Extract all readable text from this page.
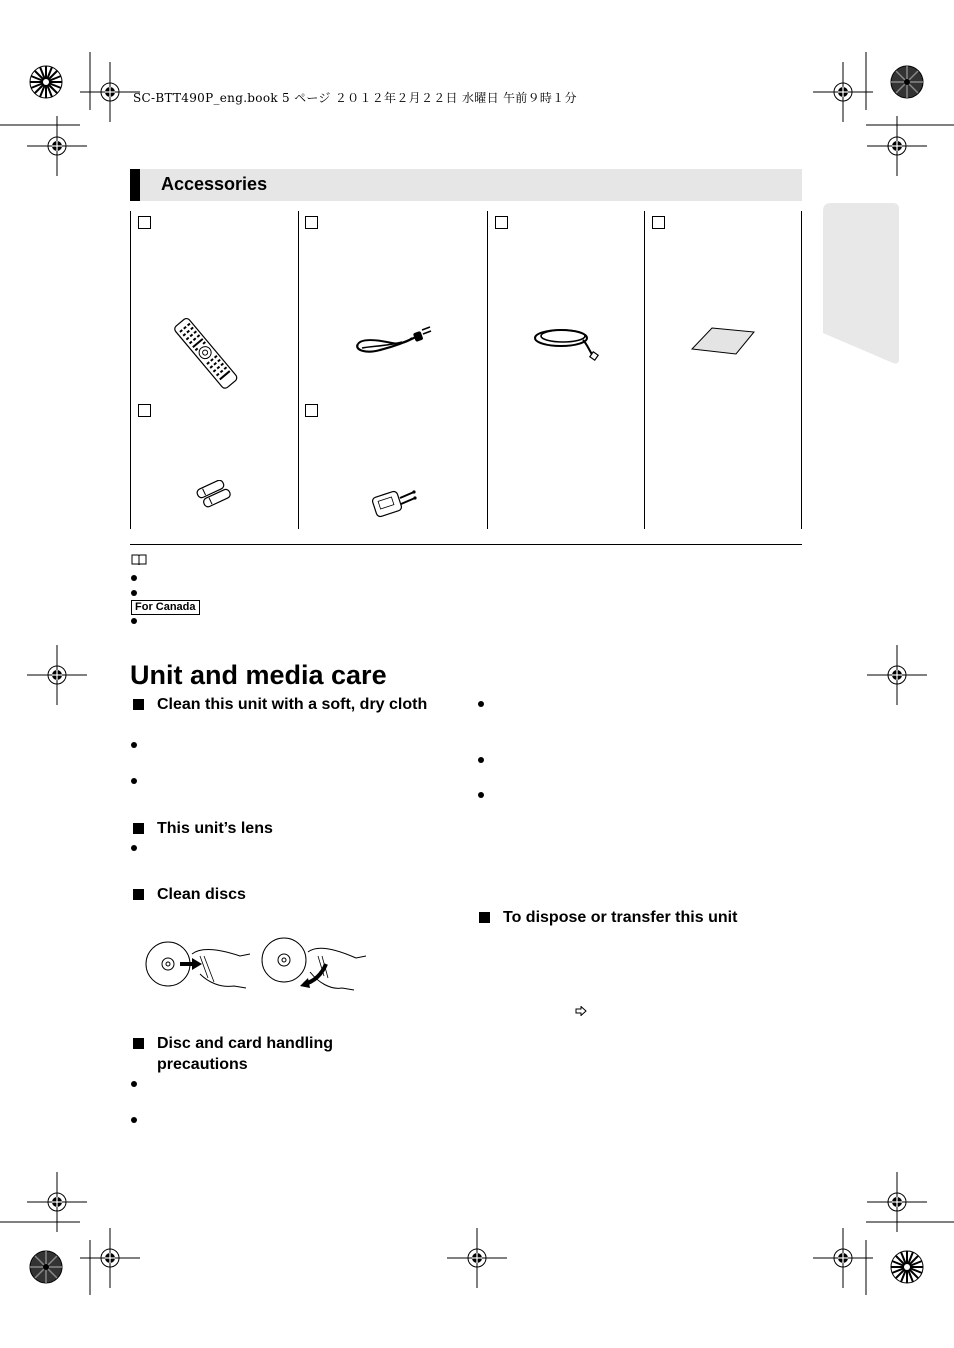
SC-BTT490P_eng.book 5 ページ ２０１２年２月２２日 水曜日 午前９時１分
Accessories
For Canada
Unit and media care
Clean this unit with a soft, dry cloth
This unit’s lens
Clean discs
Disc and card handling precautions
To dispose or transfer this unit
